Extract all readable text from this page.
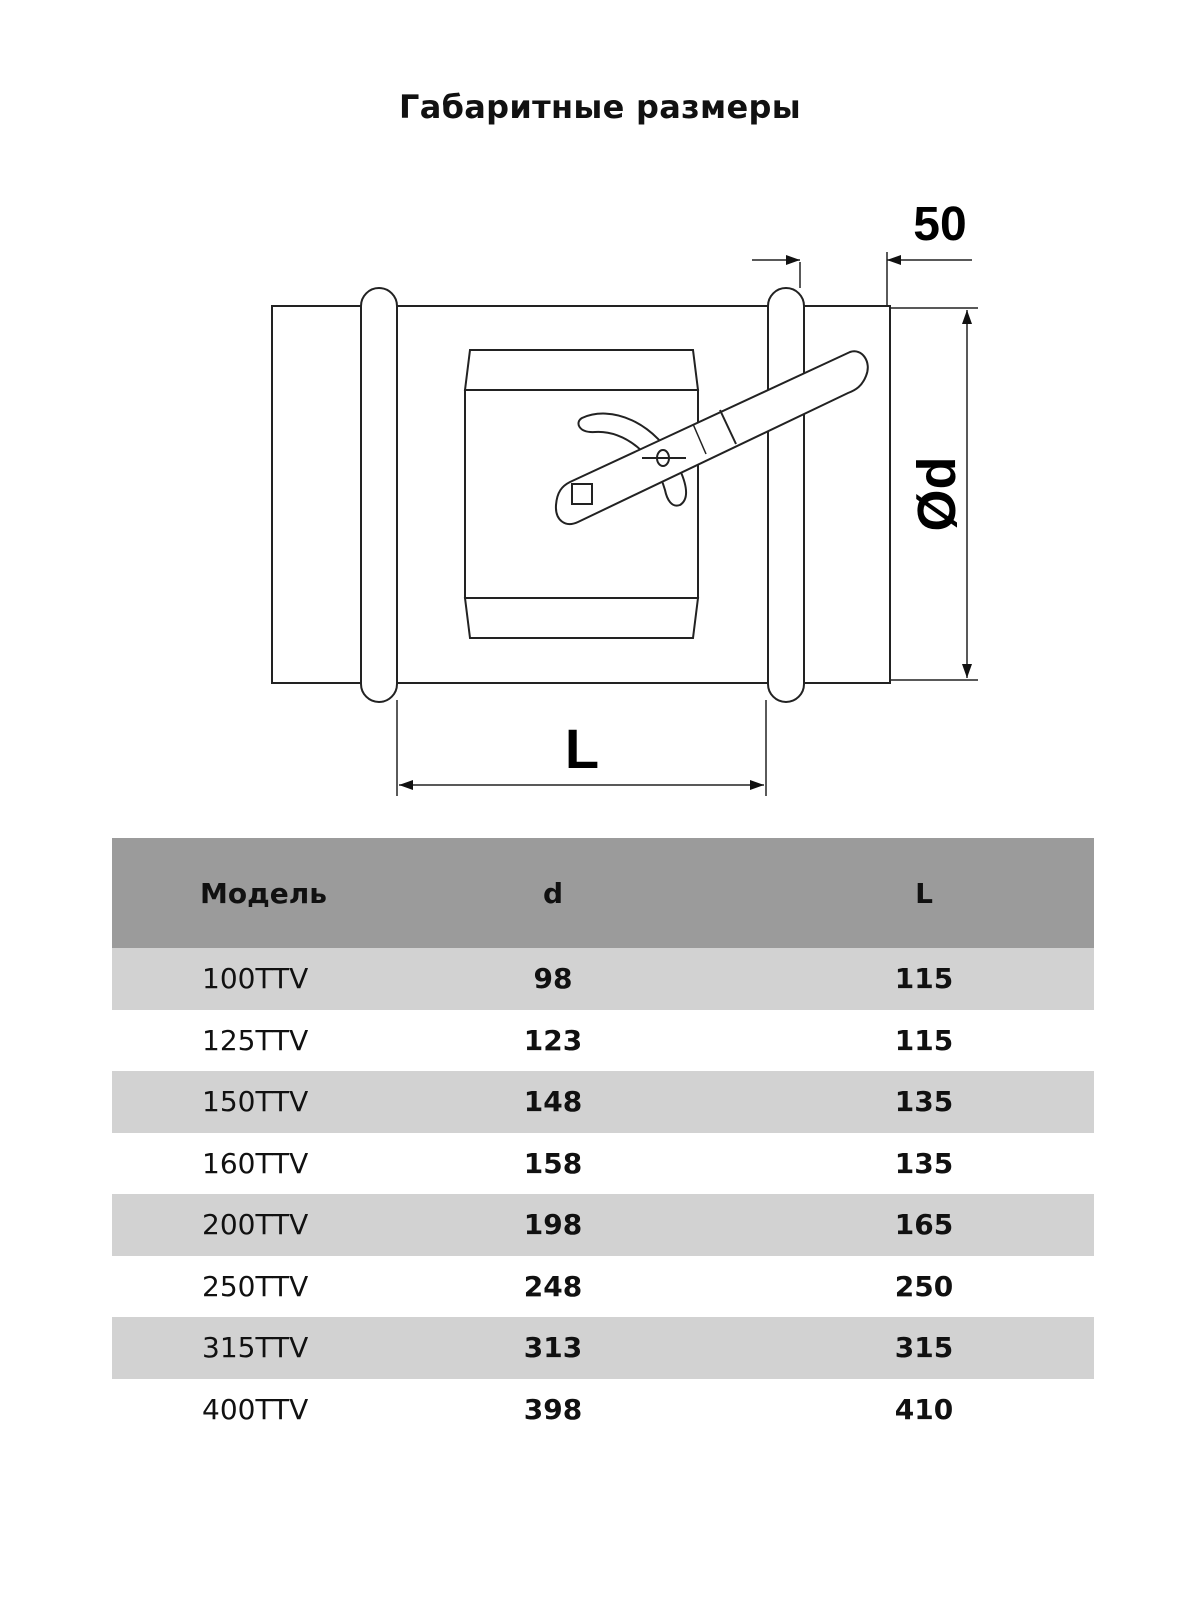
Габаритные размеры
50
Ød
L
Модель	d	L
100TTV	98	115
125TTV	123	115
150TTV	148	135
160TTV	158	135
200TTV	198	165
250TTV	248	250
315TTV	313	315
400TTV	398	410
